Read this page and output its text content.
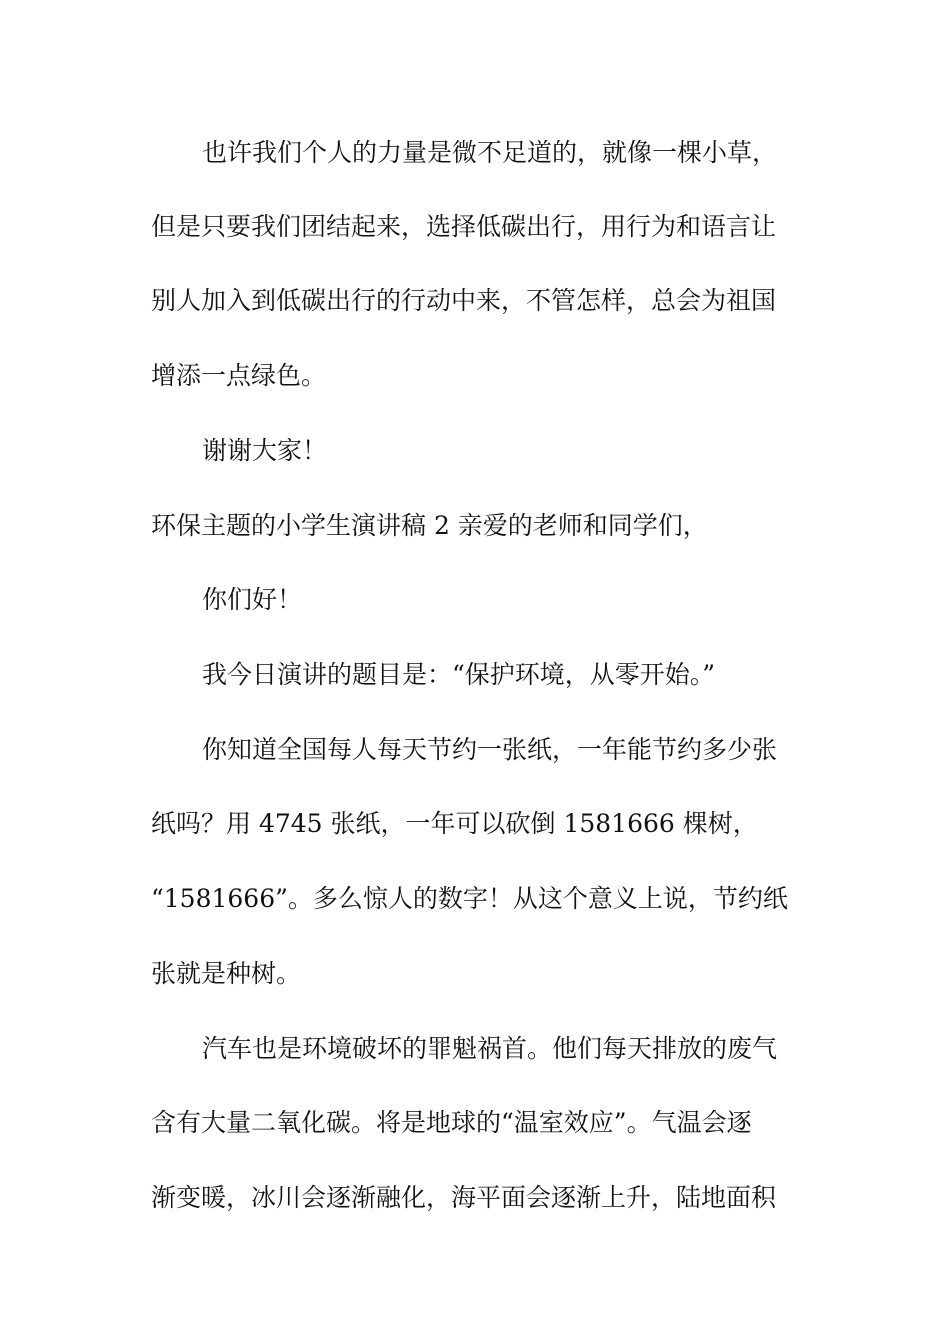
也许我们个人的力量是微不足道的，就像一棵小草，
但是只要我们团结起来，选择低碳出行，用行为和语言让
别人加入到低碳出行的行动中来，不管怎样，总会为祖国
增添一点绿色。
谢谢大家！
环保主题的小学生演讲稿 2 亲爱的老师和同学们，
你们好！
我今日演讲的题目是：“保护环境，从零开始。”
你知道全国每人每天节约一张纸，一年能节约多少张
纸吗？用 4745 张纸，一年可以砍倒 1581666 棵树，
“1581666”。多么惊人的数字！从这个意义上说，节约纸
张就是种树。
汽车也是环境破坏的罪魁祸首。他们每天排放的废气
含有大量二氧化碳。将是地球的“温室效应”。气温会逐
渐变暖，冰川会逐渐融化，海平面会逐渐上升，陆地面积
